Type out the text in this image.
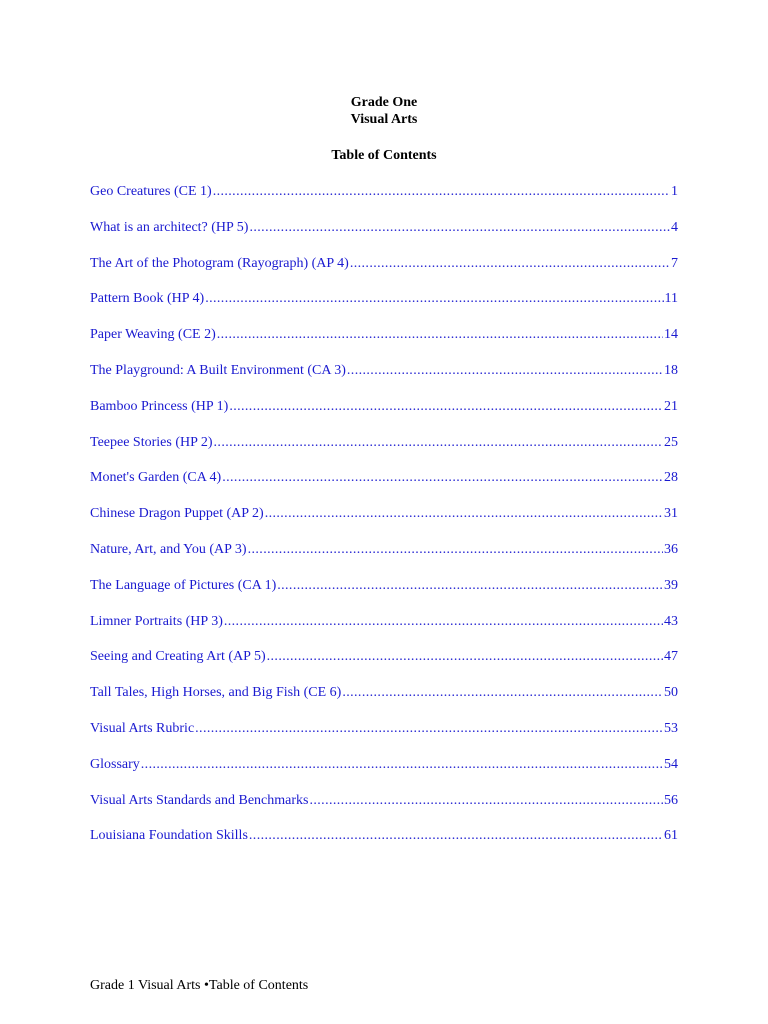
Grade One
Visual Arts
Table of Contents
Geo Creatures (CE 1) .....	1
What is an architect? (HP 5) .....	4
The Art of the Photogram (Rayograph) (AP 4) .....	7
Pattern Book (HP 4) .....	11
Paper Weaving (CE 2) .....	14
The Playground: A Built Environment (CA 3) .....	18
Bamboo Princess (HP 1) .....	21
Teepee Stories (HP 2) .....	25
Monet's Garden (CA 4) .....	28
Chinese Dragon Puppet (AP 2) .....	31
Nature, Art, and You (AP 3) .....	36
The Language of Pictures (CA 1) .....	39
Limner Portraits (HP 3) .....	43
Seeing and Creating Art (AP 5) .....	47
Tall Tales, High Horses, and Big Fish (CE 6) .....	50
Visual Arts Rubric .....	53
Glossary .....	54
Visual Arts Standards and Benchmarks .....	56
Louisiana Foundation Skills .....	61
Grade 1 Visual Arts •Table of Contents
